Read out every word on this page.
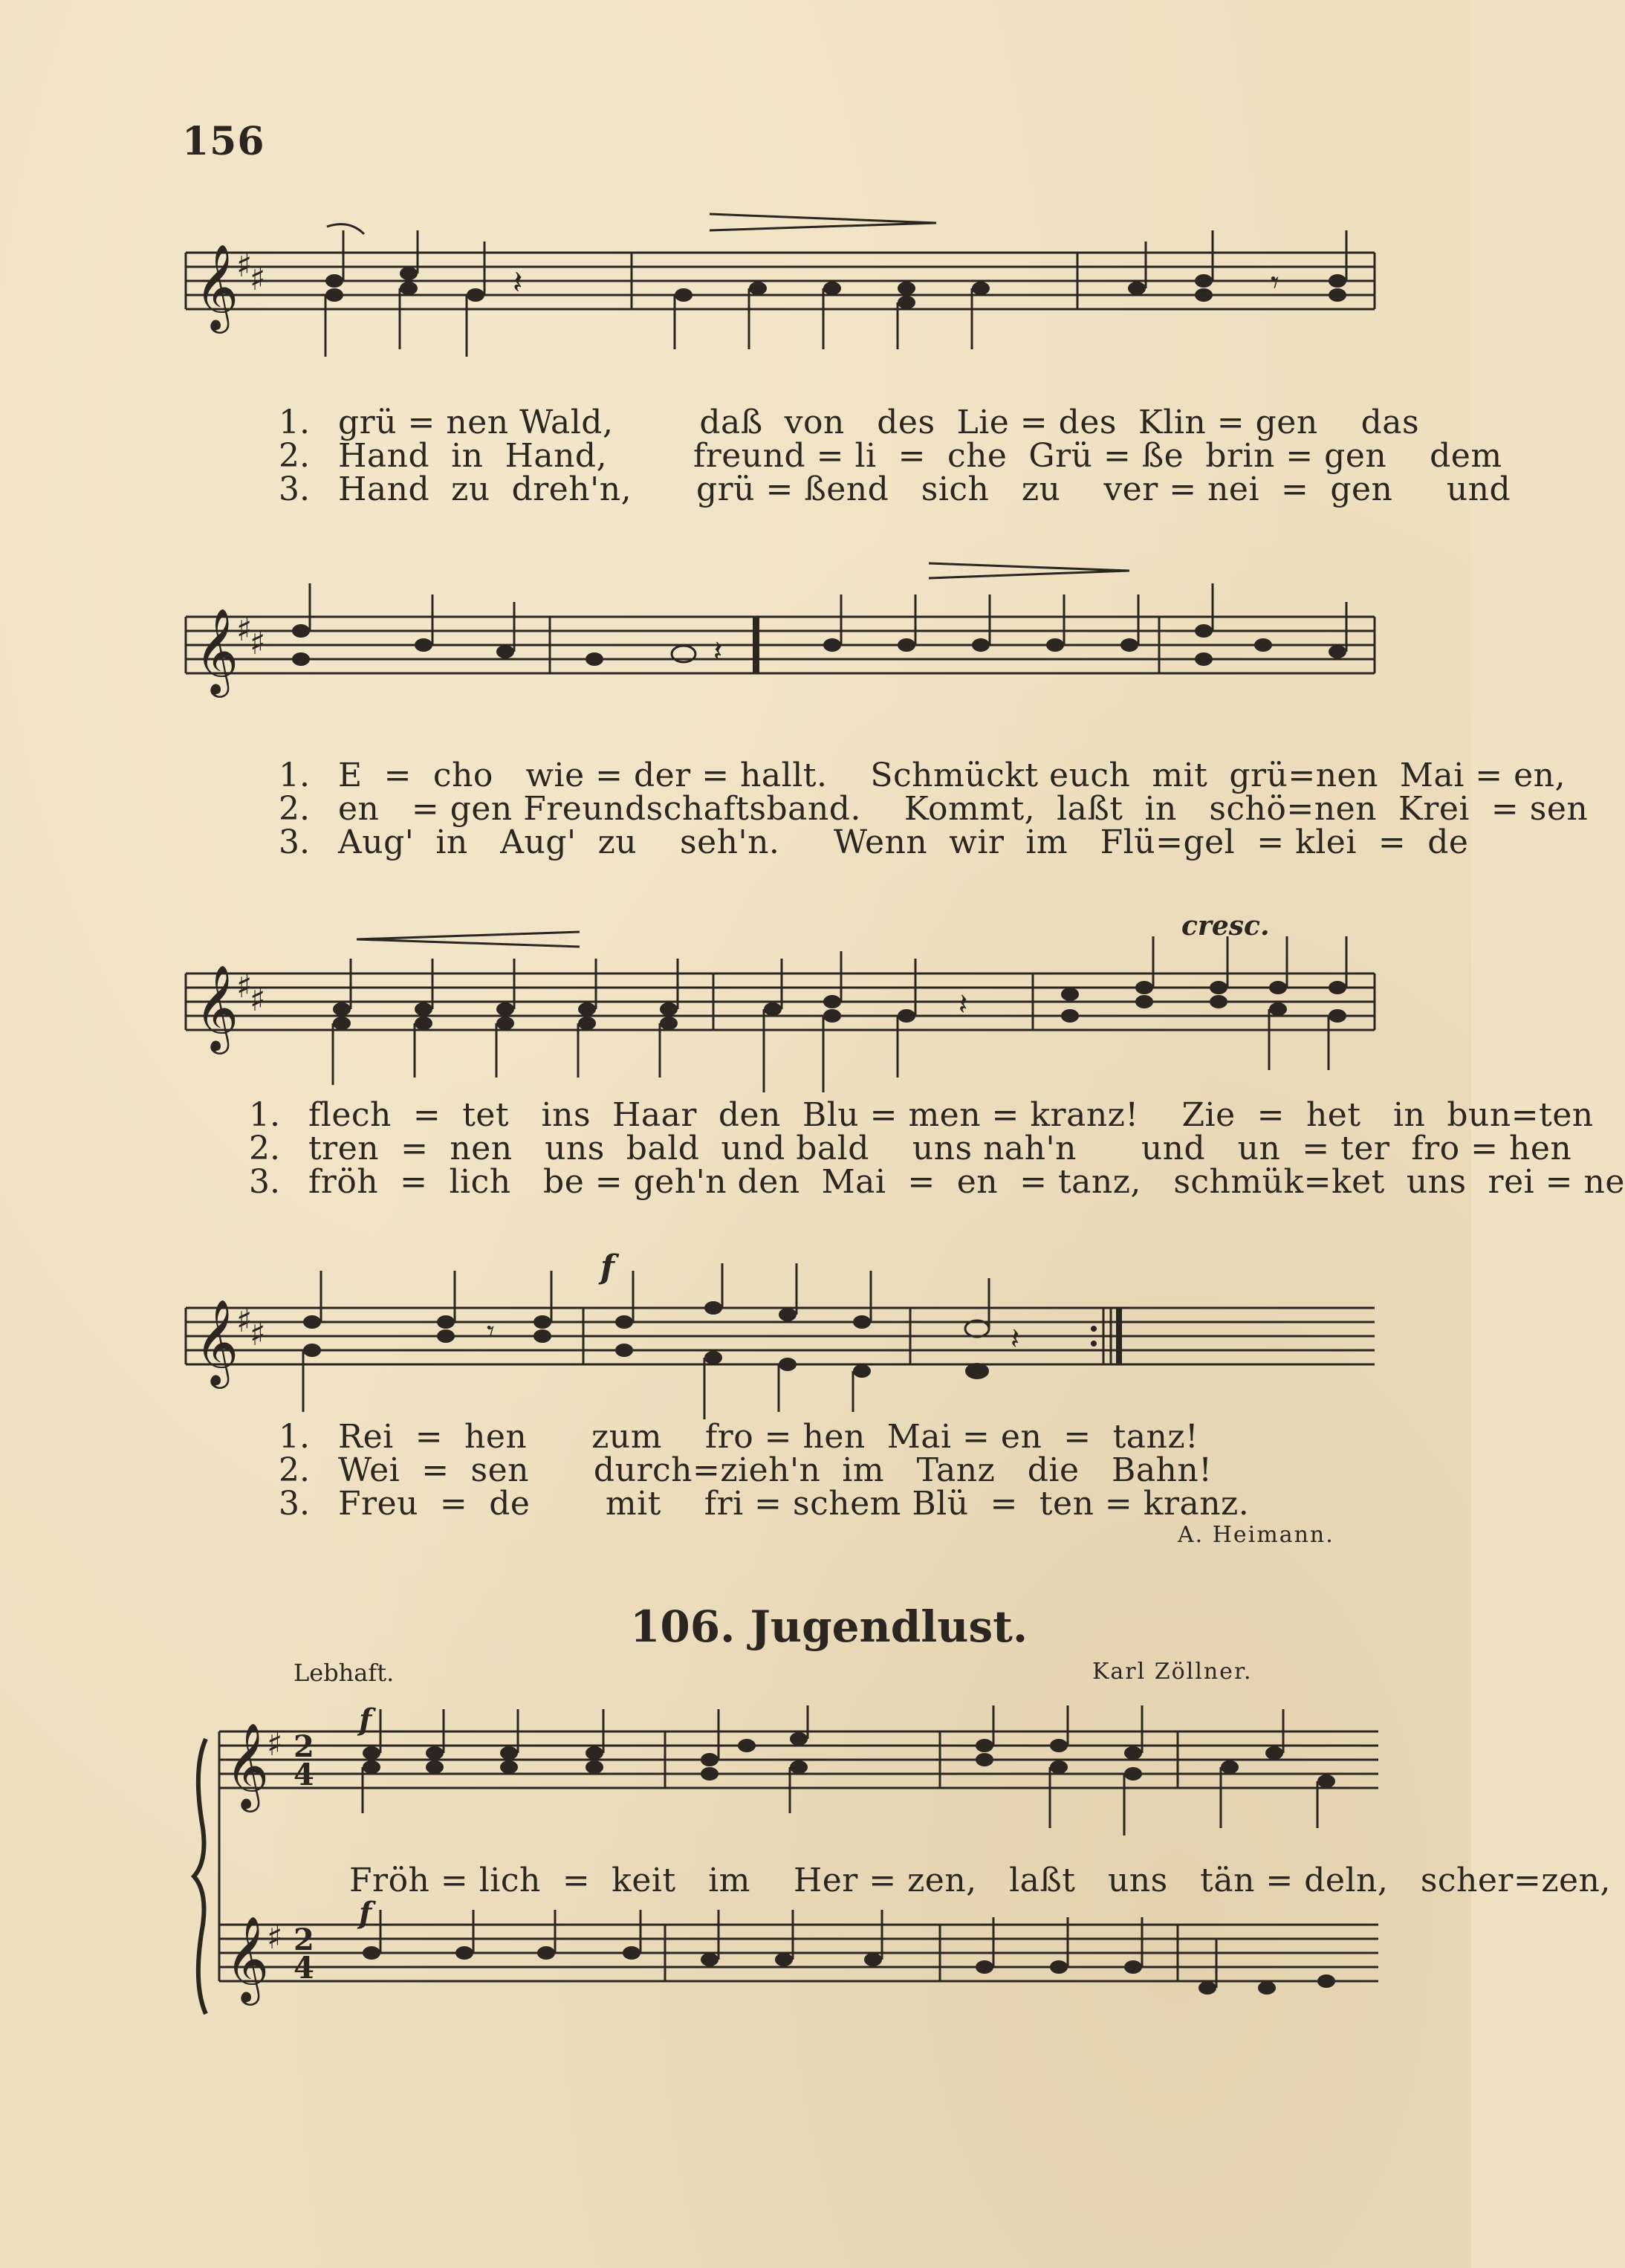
156
𝄞
♯
♯	𝄽	𝄾
1.
2.
3.
grü = nen Wald,        daß  von   des  Lie = des  Klin = gen    das
Hand  in  Hand,        freund = li  =  che  Grü = ße  brin = gen    dem
Hand  zu  dreh'n,      grü = ßend   sich   zu    ver = nei  =  gen     und
𝄞
♯
♯	𝄽
1.
2.
3.
E  =  cho   wie = der = hallt.    Schmückt euch  mit  grü=nen  Mai = en,
en   = gen Freundschaftsband.    Kommt,  laßt  in   schö=nen  Krei  = sen
Aug'  in   Aug'  zu    seh'n.     Wenn  wir  im   Flü=gel  = klei  =  de
cresc.
𝄞
♯
♯	𝄽
1.
2.
3.
flech  =  tet   ins  Haar  den  Blu = men = kranz!    Zie  =  het   in  bun=ten
tren  =  nen   uns  bald  und bald    uns nah'n      und   un  = ter  fro = hen
fröh  =  lich   be = geh'n den  Mai  =  en  = tanz,   schmük=ket  uns  rei = ne
f
𝄞
♯
♯	𝄽
𝄾
1.
2.
3.
Rei  =  hen      zum    fro = hen  Mai = en  =  tanz!
Wei  =  sen      durch=zieh'n  im   Tanz   die   Bahn!
Freu  =  de       mit    fri = schem Blü  =  ten = kranz.
A. Heimann.
106. Jugendlust.
Lebhaft.	Karl Zöllner.
𝄞
𝄞
♯
♯
2
4
2
4
f
f
Fröh = lich  =  keit   im    Her = zen,   laßt   uns   tän = deln,   scher=zen,
